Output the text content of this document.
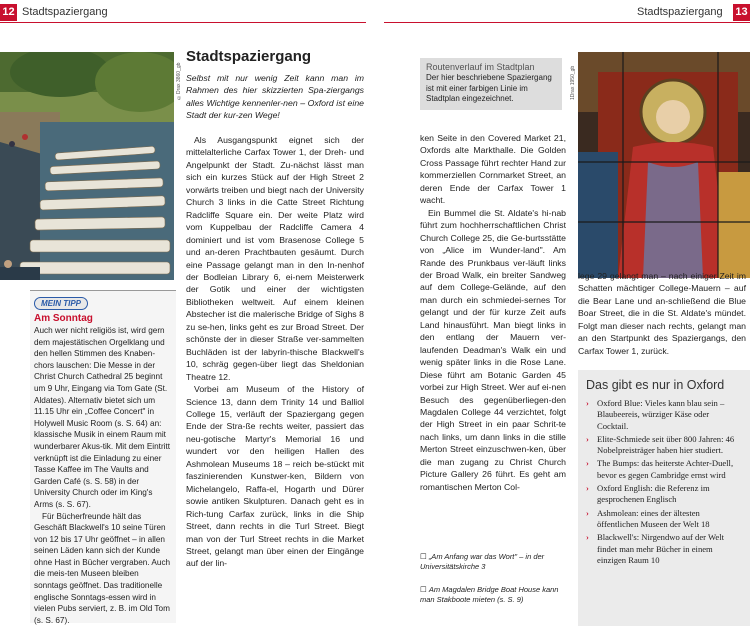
12 Stadtspaziergang	Stadtspaziergang 13
©Drax 3860_gb
MEIN TIPP
Am Sonntag
Auch wer nicht religiös ist, wird gern dem majestätischen Orgelklang und den hellen Stimmen des Knaben-chors lauschen: Die Messe in der Christ Church Cathedral 25 beginnt um 9 Uhr, Eingang via Tom Gate (St. Aldates). Alternativ bietet sich um 11.15 Uhr ein „Coffee Concert" in Holywell Music Room (s. S. 64) an: klassische Musik in einem Raum mit wunderbarer Akus-tik. Mit dem Eintritt verknüpft ist die Einladung zu einer Tasse Kaffee im The Vaults and Garden Café (s. S. 58) in der University Church oder im King's Arms (s. S. 67).
Für Bücherfreunde hält das Geschäft Blackwell's 10 seine Türen von 12 bis 17 Uhr geöffnet – in allen seinen Läden kann sich der Kunde ohne Hast in Bücher vergraben. Auch die meis-ten Museen bleiben sonntags geöffnet. Das traditionelle englische Sonntags-essen wird in vielen Pubs serviert, z. B. im Old Tom (s. S. 67).
Stadtspaziergang
Selbst mit nur wenig Zeit kann man im Rahmen des hier skizzierten Spa-ziergangs alles Wichtige kennenler-nen – Oxford ist eine Stadt der kur-zen Wege!

Als Ausgangspunkt eignet sich der mittelalterliche Carfax Tower 1, der Dreh- und Angelpunkt der Stadt. Zu-nächst lässt man sich ein kurzes Stück auf der High Street 2 vorwärts treiben und biegt nach der University Church 3 links in die Catte Street Richtung Radcliffe Square ein. Der weite Platz wird vom Kuppelbau der Radcliffe Camera 4 dominiert und ist vom Brasenose College 5 und an-deren Prachtbauten gesäumt. Durch eine Passage gelangt man in den In-nenhof der Bodleian Library 6, ei-nem Meisterwerk der Gotik und einer der wichtigsten Bibliotheken weltweit. Auf einem kleinen Abstecher ist die malerische Bridge of Sighs 8 zu se-hen, links geht es zur Broad Street. Der schönste der in dieser Straße ver-sammelten Buchläden ist der labyrin-thische Blackwell's 10, schräg gegen-über liegt das Sheldonian Theatre 12.

Vorbei am Museum of the History of Science 13, dann dem Trinity 14 und Balliol College 15, verläuft der Spaziergang gegen Ende der Stra-ße rechts weiter, passiert das neu-gotische Martyr's Memorial 16 und wundert vor den heiligen Hallen des Ashmolean Museums 18 – reich be-stückt mit faszinierenden Kunstwer-ken, Bildern von Michelangelo, Raffa-el, Hogarth und Dürer sowie antiken Skulpturen. Danach geht es in Rich-tung Carfax zurück, links in die Ship Street, dann rechts in die Turl Street. Biegt man von der Turl Street rechts in die Market Street, gelangt man über einen der Eingänge auf der lin-

Routenverlauf im Stadtplan
Der hier beschriebene Spaziergang ist mit einer farbigen Linie im Stadtplan eingezeichnet.

ken Seite in den Covered Market 21, Oxfords alte Markthalle. Die Golden Cross Passage führt rechter Hand zur kommerziellen Cornmarket Street, an deren Ende der Carfax Tower 1 wacht.

Ein Bummel die St. Aldate's hi-nab führt zum hochherrschaftlichen Christ Church College 25, die Ge-burtsstätte von „Alice im Wunder-land". Am Rande des Prunkbaus ver-läuft links der Broad Walk, ein breiter Sandweg auf dem College-Gelände, auf den man durch ein schmiedei-sernes Tor gelangt und der für kurze Zeit aufs Land hinausführt. Man biegt links in den entlang der Mauern ver-laufenden Deadman's Walk ein und wenig später links in die Rose Lane. Diese führt am Botanic Garden 45 vorbei zur High Street. Wer auf ei-nen Besuch des gegenüberliegen-den Magdalen College 44 verzichtet, folgt der High Street in ein paar Schrit-te nach links, um dann links in die stille Merton Street einzuschwen-ken, über die man zugang zu Christ Church Picture Gallery 26 führt. Es geht am romantischen Merton Col-

☐ „Am Anfang war das Wort" – in der Universitätskirche 3
☐ Am Magdalen Bridge Boat House kann man Stakboote mieten (s. S. 9)
1Drax 1950_gb
lege 29 gelangt man – nach einiger Zeit im Schatten mächtiger College-Mauern – auf die Bear Lane und an-schließend die Blue Boar Street, die in die St. Aldate's mündet. Folgt man dieser nach rechts, gelangt man an den Startpunkt des Spaziergangs, den Carfax Tower 1, zurück.
Das gibt es nur in Oxford
› Oxford Blue: Vieles kann blau sein – Blaubeereis, würziger Käse oder Cocktail.
› Elite-Schmiede seit über 800 Jahren: 46 Nobelpreisträger haben hier studiert.
› The Bumps: das heiterste Achter-Duell, bevor es gegen Cambridge ernst wird
› Oxford English: die Referenz im gesprochenen Englisch
› Ashmolean: eines der ältesten öffentlichen Museen der Welt 18
› Blackwell's: Nirgendwo auf der Welt findet man mehr Bücher in einem einzigen Raum 10
